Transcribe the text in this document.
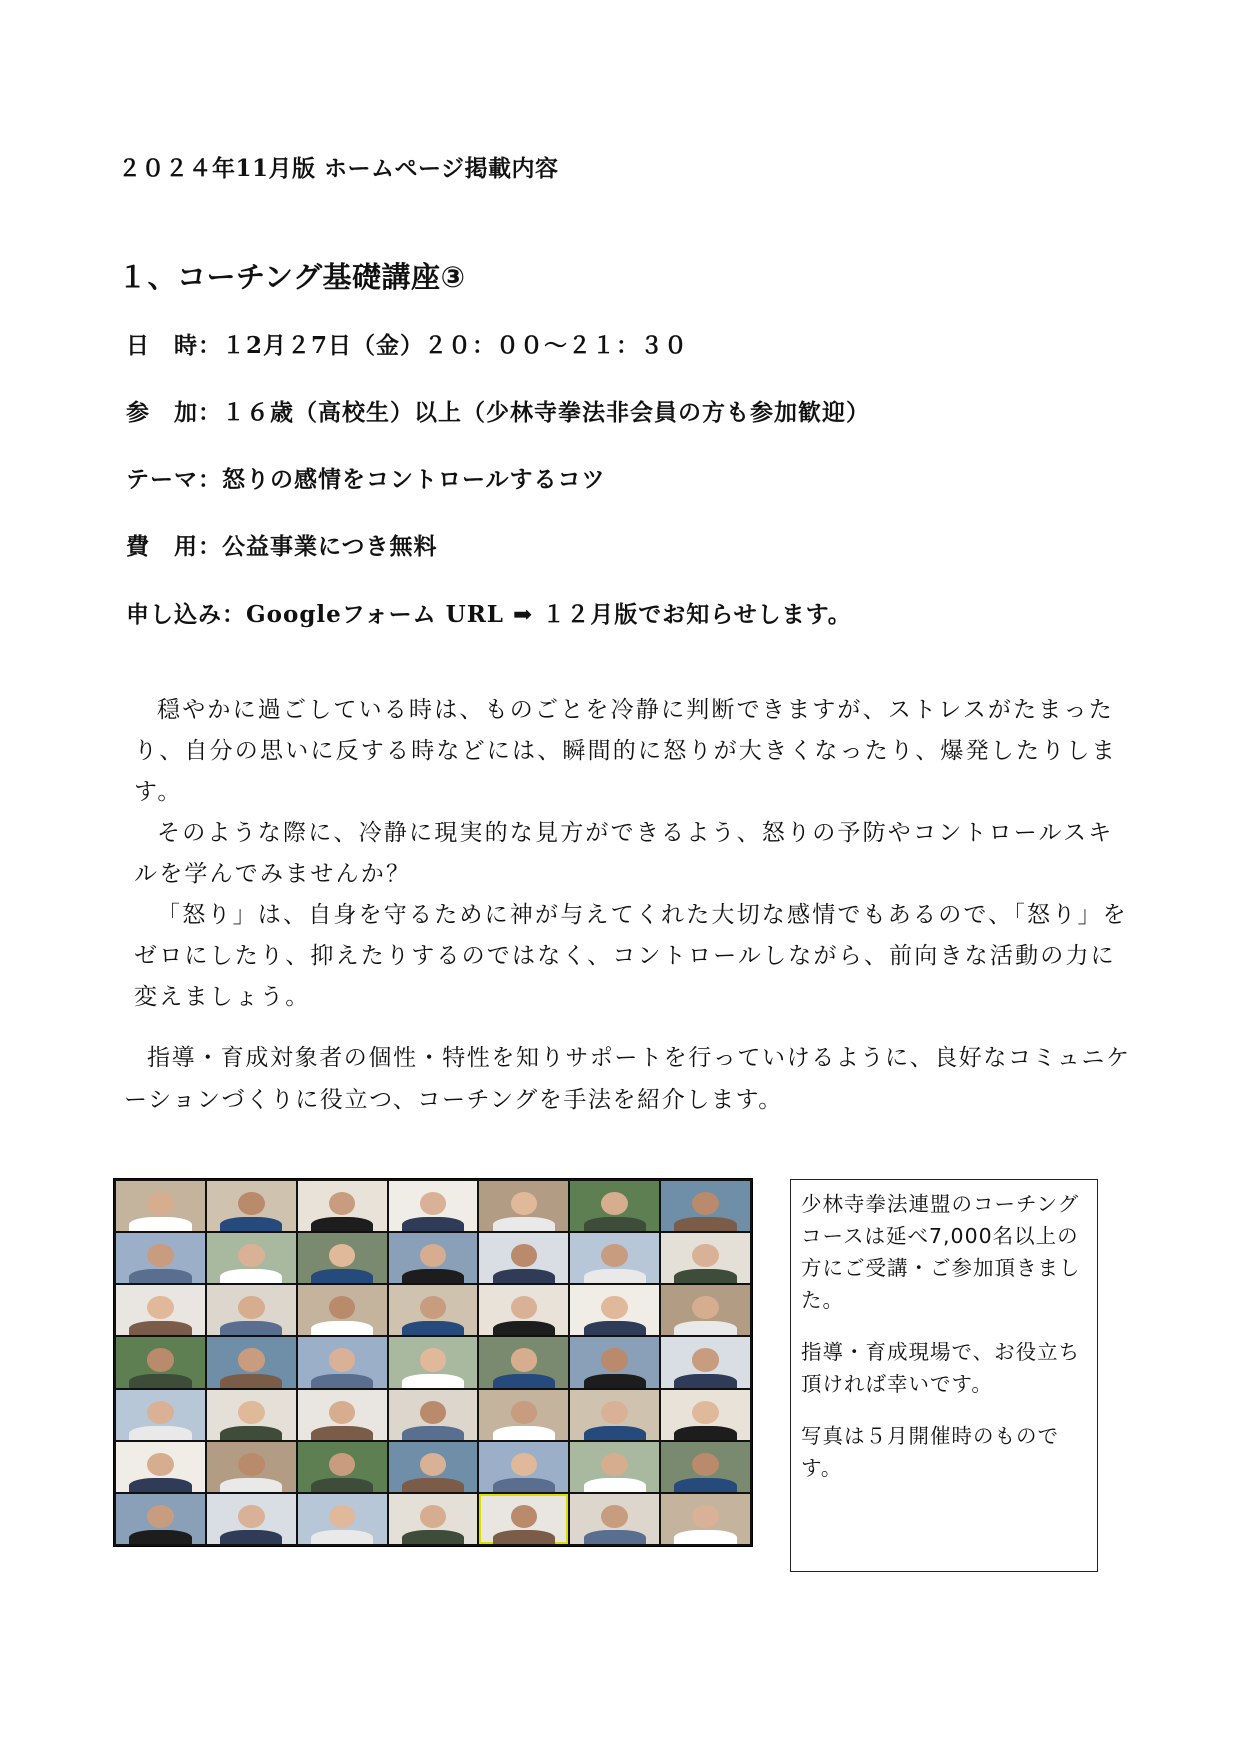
２０２４年11月版 ホームページ掲載内容
１、コーチング基礎講座③
日　時：１2月２7日（金）２０：００～２１：３０
参　加：１６歳（高校生）以上（少林寺拳法非会員の方も参加歓迎）
テーマ：怒りの感情をコントロールするコツ
費　用：公益事業につき無料
申し込み：Googleフォーム URL ➡ １２月版でお知らせします。

穏やかに過ごしている時は、ものごとを冷静に判断できますが、ストレスがたまったり、自分の思いに反する時などには、瞬間的に怒りが大きくなったり、爆発したりします。

そのような際に、冷静に現実的な見方ができるよう、怒りの予防やコントロールスキルを学んでみませんか？

「怒り」は、自身を守るために神が与えてくれた大切な感情でもあるので、「怒り」をゼロにしたり、抑えたりするのではなく、コントロールしながら、前向きな活動の力に変えましょう。

指導・育成対象者の個性・特性を知りサポートを行っていけるように、良好なコミュニケーションづくりに役立つ、コーチングを手法を紹介します。

少林寺拳法連盟のコーチングコースは延べ7,000名以上の方にご受講・ご参加頂きました。

指導・育成現場で、お役立ち頂ければ幸いです。

写真は５月開催時のものです。
